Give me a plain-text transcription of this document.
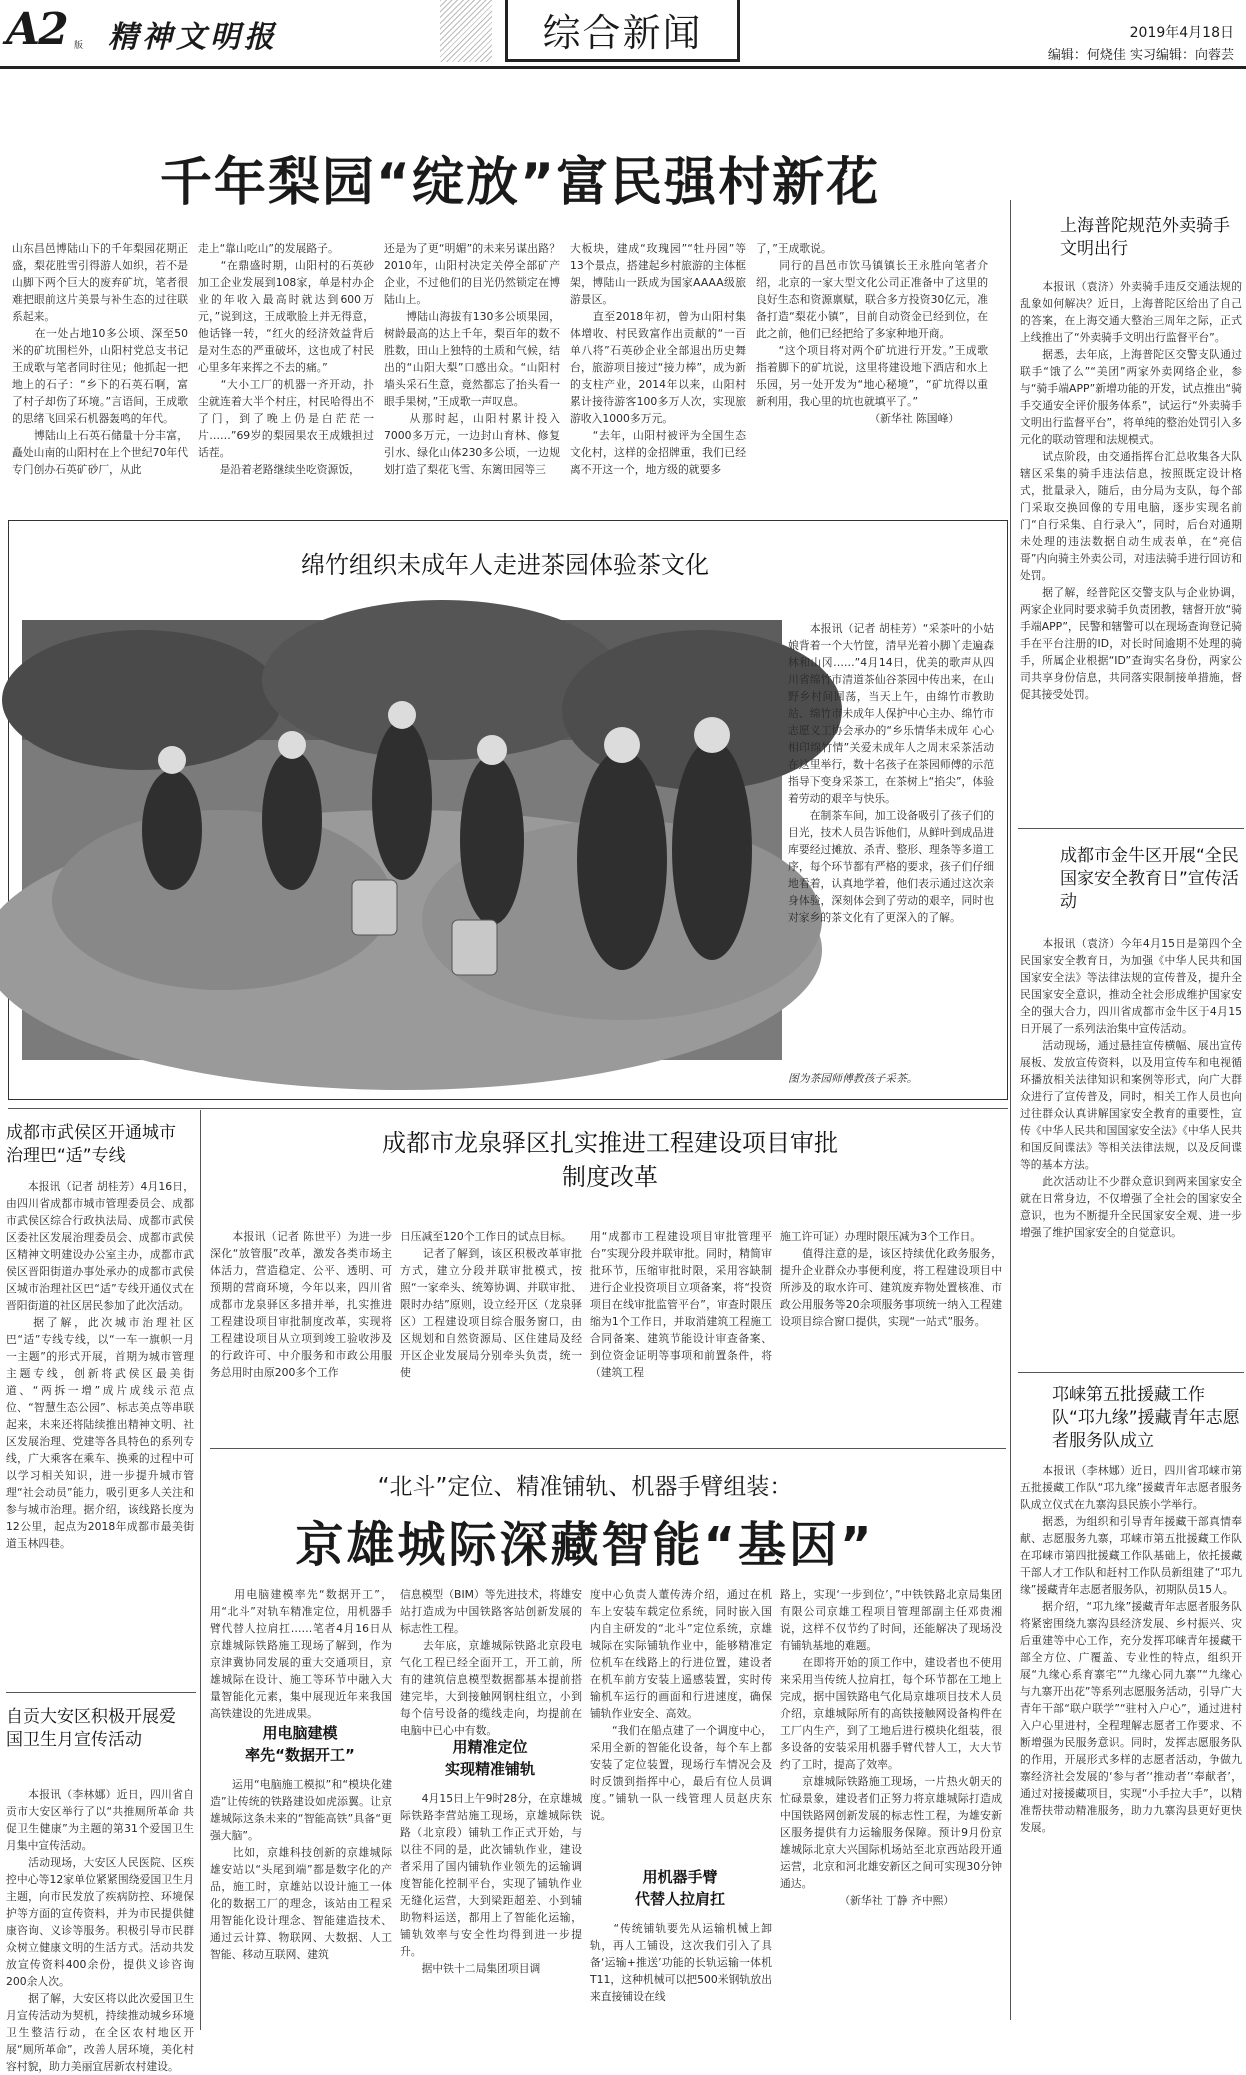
A2 版 精神文明报	综合新闻	2019年4月18日
编辑：何烧佳 实习编辑：向蓉芸
千年梨园“绽放”富民强村新花
山东昌邑博陆山下的千年梨园花期正盛，梨花胜雪引得游人如织，若不是山脚下两个巨大的废弃矿坑，笔者很难把眼前这片美景与补生态的过往联系起来。
　　在一处占地10多公顷、深至50米的矿坑围栏外，山阳村党总支书记王成歌与笔者同时往见；他抓起一把地上的石子：“乡下的石英石啊，富了村子却伤了环境。”言语间，王成歌的思绪飞回采石机器轰鸣的年代。
　　博陆山上石英石储量十分丰富，矗处山南的山阳村在上个世纪70年代专门创办石英矿砂厂，从此
走上“靠山吃山”的发展路子。
　　“在鼎盛时期，山阳村的石英砂加工企业发展到108家，单是村办企业的年收入最高时就达到600万元，”说到这，王成歌脸上并无得意，他话锋一转，“红火的经济效益背后是对生态的严重破坏，这也成了村民心里多年来挥之不去的痛。”
　　“大小工厂的机器一齐开动，扑尘就连着大半个村庄，村民哈得出不了门，到了晚上仍是白茫茫一片……”69岁的梨园果农王成娥担过话茬。
　　是沿着老路继续坐吃资源饭，
还是为了更“明媚”的未来另谋出路？2010年，山阳村决定关停全部矿产企业，不过他们的目光仍然锁定在博陆山上。
　　博陆山海拔有130多公顷果园，树龄最高的达上千年，梨百年的数不胜数，田山上独特的土质和气候，结出的“山阳大梨”口感出众。“山阳村墙头采石生意，竟然都忘了抬头看一眼手果树，”王成歌一声叹息。
　　从那时起，山阳村累计投入7000多万元，一边封山育林、修复引水、绿化山体230多公顷，一边规划打造了梨花飞雪、东篱田园等三
大板块，建成“玫瑰园”“牡丹园”等13个景点，搭建起乡村旅游的主体框架，博陆山一跃成为国家AAAA级旅游景区。
　　直至2018年初，曾为山阳村集体增收、村民致富作出贡献的“一百单八将”石英砂企业全部退出历史舞台，旅游项目接过“接力棒”，成为新的支柱产业，2014年以来，山阳村累计接待游客100多万人次，实现旅游收入1000多万元。
　　“去年，山阳村被评为全国生态文化村，这样的金招牌重，我们已经离不开这一个，地方级的就要多
了，”王成歌说。
　　同行的昌邑市饮马镇镇长王永胜向笔者介绍，北京的一家大型文化公司正准备中了这里的良好生态和资源禀赋，联合多方投资30亿元，准备打造“梨花小镇”，目前自动资金已经到位，在此之前，他们已经把给了多家种地开商。
　　“这个项目将对两个矿坑进行开发。”王成歌指着脚下的矿坑说，这里将建设地下酒店和水上乐园，另一处开发为“地心秘境”，“矿坑得以重新利用，我心里的坑也就填平了。”
　　　　　　　　　　　（新华社 陈国峰）
上海普陀规范外卖骑手文明出行
　　本报讯（袁济）外卖骑手违反交通法规的乱象如何解决？近日，上海普陀区给出了自己的答案，在上海交通大整治三周年之际，正式上线推出了“外卖骑手文明出行监督平台”。
　　据悉，去年底，上海普陀区交警支队通过联手“饿了么”“美团”两家外卖网络企业，参与“骑手端APP”新增功能的开发，试点推出“骑手交通安全评价服务体系”，试运行“外卖骑手文明出行监督平台”，将单纯的整治处罚引入多元化的联动管理和法规模式。
　　试点阶段，由交通指挥台汇总收集各大队辖区采集的骑手违法信息，按照既定设计格式，批量录入，随后，由分局为支队，每个部门采取交换回像的专用电脑，逐步实现名前门“自行采集、自行录入”，同时，后台对通期未处理的违法数据自动生成表单，在“亮信哥”内向骑主外卖公司，对违法骑手进行回访和处罚。
　　据了解，经普陀区交警支队与企业协调，两家企业同时要求骑手负责团教，辖督开放“骑手端APP”，民警和辖警可以在现场查询登记骑手在平台注册的ID，对长时间逾期不处理的骑手，所属企业根据“ID”查询实名身份，两家公司共享身份信息，共同落实限制接单措施，督促其接受处罚。
成都市金牛区开展“全民国家安全教育日”宣传活动
　　本报讯（袁济）今年4月15日是第四个全民国家安全教育日，为加强《中华人民共和国国家安全法》等法律法规的宣传普及，提升全民国家安全意识，推动全社会形成维护国家安全的强大合力，四川省成都市金牛区于4月15日开展了一系列法治集中宣传活动。
　　活动现场，通过悬挂宣传横幅、展出宣传展板、发放宣传资料，以及用宣传车和电视循环播放相关法律知识和案例等形式，向广大群众进行了宣传普及，同时，相关工作人员也向过往群众认真讲解国家安全教育的重要性，宣传《中华人民共和国国家安全法》《中华人民共和国反间谍法》等相关法律法规，以及反间谍等的基本方法。
　　此次活动让不少群众意识到两来国家安全就在日常身边，不仅增强了全社会的国家安全意识，也为不断提升全民国家安全观、进一步增强了维护国家安全的自觉意识。
邛崃第五批援藏工作队“邛九缘”援藏青年志愿者服务队成立
　　本报讯（李林娜）近日，四川省邛崃市第五批援藏工作队“邛九缘”援藏青年志愿者服务队成立仪式在九寨沟县民族小学举行。
　　据悉，为组织和引导青年援藏干部真情奉献、志愿服务九寨，邛崃市第五批援藏工作队在邛崃市第四批援藏工作队基础上，依托援藏干部人才工作队和赶村工作队员新组建了“邛九缘”援藏青年志愿者服务队，初期队员15人。
　　据介绍，“邛九缘”援藏青年志愿者服务队将紧密围绕九寨沟县经济发展、乡村振兴、灾后重建等中心工作，充分发挥邛崃青年援藏干部全方位、广覆盖、专业性的特点，组织开展“九缘心系育寨宅”“九缘心同九寨”“九缘心与九寨开出花”等系列志愿服务活动，引导广大青年干部“联户联学”“驻村入户心”，通过进村入户心里进村，全程理解志愿者工作要求、不断增强为民服务意识。同时，发挥志愿服务队的作用，开展形式多样的志愿者活动，争做九寨经济社会发展的‘参与者’‘推动者’‘奉献者’，通过对接援藏项目，实现“小手拉大手”，以精准帮扶带动精准服务，助力九寨沟县更好更快发展。
绵竹组织未成年人走进茶园体验茶文化
　　本报讯（记者 胡桂芳）“采茶叶的小姑娘背着一个大竹筐，清早光着小脚丫走遍森林和山冈……”4月14日，优美的歌声从四川省绵竹市清道茶仙谷茶园中传出来，在山野乡村间回荡，当天上午，由绵竹市教助站、绵竹市未成年人保护中心主办、绵竹市志愿义工协会承办的“乡乐情华未成年 心心相印绵竹情”关爱未成年人之周末采茶活动在这里举行，数十名孩子在茶园师傅的示范指导下变身采茶工，在茶树上“掐尖”，体验着劳动的艰辛与快乐。
　　在制茶车间，加工设备吸引了孩子们的目光，技术人员告诉他们，从鲜叶到成品进库要经过摊放、杀青、整形、理条等多道工序，每个环节都有严格的要求，孩子们仔细地看着，认真地学着，他们表示通过这次亲身体验，深刻体会到了劳动的艰辛，同时也对家乡的茶文化有了更深入的了解。
图为茶园师傅教孩子采茶。
成都市武侯区开通城市治理巴“适”专线
　　本报讯（记者 胡桂芳）4月16日，由四川省成都市城市管理委员会、成都市武侯区综合行政执法局、成都市武侯区委社区发展治理委员会、成都市武侯区精神文明建设办公室主办，成都市武侯区晋阳街道办事处承办的成都市武侯区城市治理社区巴“适”专线开通仪式在晋阳街道的社区居民参加了此次活动。
　　据了解，此次城市治理社区巴“适”专线专线，以“一车一旗帜一月一主题”的形式开展，首期为城市管理主题专线，创新将武侯区最美街道、“两拆一增”成片成线示范点位、“智慧生态公园”、标志美点等串联起来，未来还将陆续推出精神文明、社区发展治理、党建等各具特色的系列专线，广大乘客在乘车、换乘的过程中可以学习相关知识，进一步提升城市管理“社会动员”能力，吸引更多人关注和参与城市治理。据介绍，该线路长度为12公里，起点为2018年成都市最美街道玉林四巷。
成都市龙泉驿区扎实推进工程建设项目审批制度改革
　　本报讯（记者 陈世平）为进一步深化“放管服”改革，激发各类市场主体活力，营造稳定、公平、透明、可预期的营商环境，今年以来，四川省成都市龙泉驿区多措并举，扎实推进工程建设项目审批制度改革，实现将工程建设项目从立项到竣工验收涉及的行政许可、中介服务和市政公用服务总用时由原200多个工作
日压减至120个工作日的试点目标。
　　记者了解到，该区积极改革审批方式，建立分段并联审批模式，按照“一家牵头、统筹协调、并联审批、限时办结”原则，设立经开区（龙泉驿区）工程建设项目综合服务窗口，由区规划和自然资源局、区住建局及经开区企业发展局分别牵头负责，统一使
用“成都市工程建设项目审批管理平台”实现分段并联审批。同时，精简审批环节，压缩审批时限，采用容缺制进行企业投资项目立项备案，将“投资项目在线审批监管平台”，审查时限压缩为1个工作日，并取消建筑工程施工合同备案、建筑节能设计审查备案、到位资金证明等事项和前置条件，将（建筑工程
施工许可证）办理时限压减为3个工作日。
　　值得注意的是，该区持续优化政务服务，提升企业群众办事便利度，将工程建设项目中所涉及的取水许可、建筑废弃物处置核准、市政公用服务等20余项服务事项统一纳入工程建设项目综合窗口提供，实现“一站式”服务。
“北斗”定位、精准铺轨、机器手臂组装：
京雄城际深藏智能“基因”
　　用电脑建模率先“数据开工”，用“北斗”对轨车精准定位，用机器手臂代替人拉肩扛……笔者4月16日从京雄城际铁路施工现场了解到，作为京津冀协同发展的重大交通项目，京雄城际在设计、施工等环节中融入大量智能化元素，集中展现近年来我国高铁建设的先进成果。
用电脑建模
率先“数据开工”
　　运用“电脑施工模拟”和“模块化建造”让传统的铁路建设如虎添翼。让京雄城际这条未来的“智能高铁”具备“更强大脑”。
　　比如，京雄科技创新的京雄城际雄安站以“头尾到端”都是数字化的产品，施工时，京雄站以设计施工一体化的数据工厂的理念，该站由工程采用智能化设计理念、智能建造技术、通过云计算、物联网、大数据、人工智能、移动互联网、建筑
信息模型（BIM）等先进技术，将雄安站打造成为中国铁路客站创新发展的标志性工程。
　　去年底，京雄城际铁路北京段电气化工程已经全面开工，开工前，所有的建筑信息模型数据都基本提前搭建完毕，大到接触网钢柱组立，小到每个信号设备的缆线走向，均提前在电脑中已心中有数。
用精准定位
实现精准铺轨
　　4月15日上午9时28分，在京雄城际铁路李营站施工现场，京雄城际铁路（北京段）铺轨工作正式开始，与以往不同的是，此次铺轨作业，建设者采用了国内铺轨作业领先的运输调度智能化控制平台，实现了铺轨作业无缝化运营，大到梁距超差、小到辅助物料运送，都用上了智能化运输，铺轨效率与安全性均得到进一步提升。
　　据中铁十二局集团项目调
度中心负责人董传涛介绍，通过在机车上安装车载定位系统，同时嵌入国内自主研发的“北斗”定位系统，京雄城际在实际铺轨作业中，能够精准定位机车在线路上的行进位置，建设者在机车前方安装上遥感装置，实时传输机车运行的画面和行进速度，确保铺轨作业安全、高效。
　　“我们在船点建了一个调度中心，采用全新的智能化设备，每个车上都安装了定位装置，现场行车情况会及时反馈到指挥中心，最后有位人员调度。”铺轨一队一线管理人员赵庆东说。
用机器手臂
代替人拉肩扛
　　“传统铺轨要先从运输机械上卸轨，再人工铺设，这次我们引入了具备‘运输+推送’功能的长轨运输一体机T11，这种机械可以把500米钢轨放出来直接铺设在线
路上，实现‘一步到位’，”中铁铁路北京局集团有限公司京雄工程项目管理部副主任邓贵湘说，这样不仅节约了时间，还能解决了现场没有铺轨基地的难题。
　　在即将开始的顶工作中，建设者也不使用来采用当传统人拉肩扛，每个环节都在工地上完成，据中国铁路电气化局京雄项目技术人员介绍，京雄城际所有的高铁接触网设备构件在工厂内生产，到了工地后进行模块化组装，很多设备的安装采用机器手臂代替人工，大大节约了工时，提高了效率。
　　京雄城际铁路施工现场，一片热火朝天的忙碌景象，建设者们正努力将京雄城际打造成中国铁路网创新发展的标志性工程，为雄安新区服务提供有力运输服务保障。预计9月份京雄城际北京大兴国际机场站至北京西站段开通运营，北京和河北雄安新区之间可实现30分钟通达。
　　　　　　（新华社 丁静 齐中熙）
自贡大安区积极开展爱国卫生月宣传活动
　　本报讯（李林娜）近日，四川省自贡市大安区举行了以“共推厕所革命 共促卫生健康”为主题的第31个爱国卫生月集中宣传活动。
　　活动现场，大安区人民医院、区疾控中心等12家单位紧紧围绕爱国卫生月主题，向市民发放了疾病防控、环境保护等方面的宣传资料，并为市民提供健康咨询、义诊等服务。积极引导市民群众树立健康文明的生活方式。活动共发放宣传资料400余份，提供义诊咨询200余人次。
　　据了解，大安区将以此次爱国卫生月宣传活动为契机，持续推动城乡环境卫生整洁行动，在全区农村地区开展“厕所革命”，改善人居环境，美化村容村貌，助力美丽宜居新农村建设。
